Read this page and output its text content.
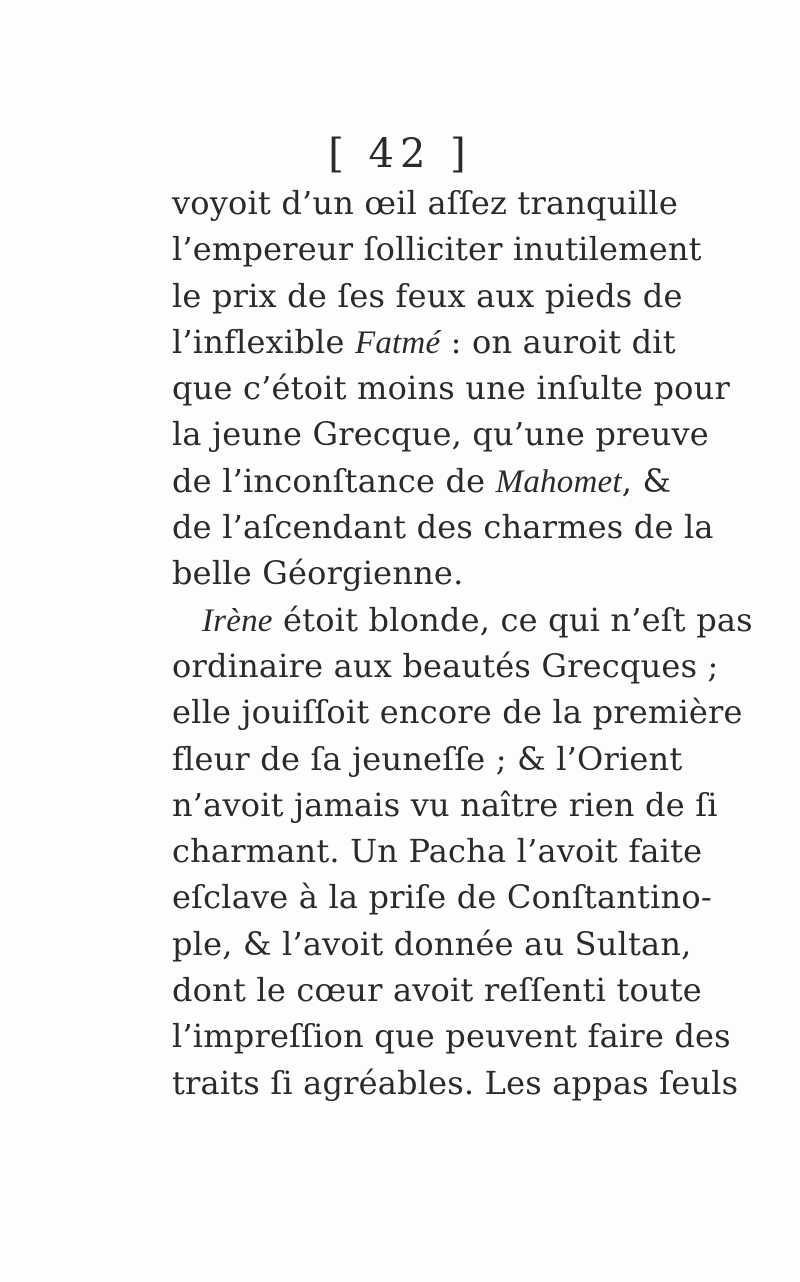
[ 42 ]
voyoit d’un œil aſſez tranquille
l’empereur ſolliciter inutilement
le prix de ſes feux aux pieds de
l’inflexible Fatmé : on auroit dit
que c’étoit moins une inſulte pour
la jeune Grecque, qu’une preuve
de l’inconſtance de Mahomet, &
de l’aſcendant des charmes de la
belle Géorgienne.
Irène étoit blonde, ce qui n’eſt pas
ordinaire aux beautés Grecques ;
elle jouiſſoit encore de la première
fleur de ſa jeuneſſe ; & l’Orient
n’avoit jamais vu naître rien de ſi
charmant. Un Pacha l’avoit faite
eſclave à la priſe de Conſtantino-
ple, & l’avoit donnée au Sultan,
dont le cœur avoit reſſenti toute
l’impreſſion que peuvent faire des
traits ſi agréables. Les appas ſeuls
